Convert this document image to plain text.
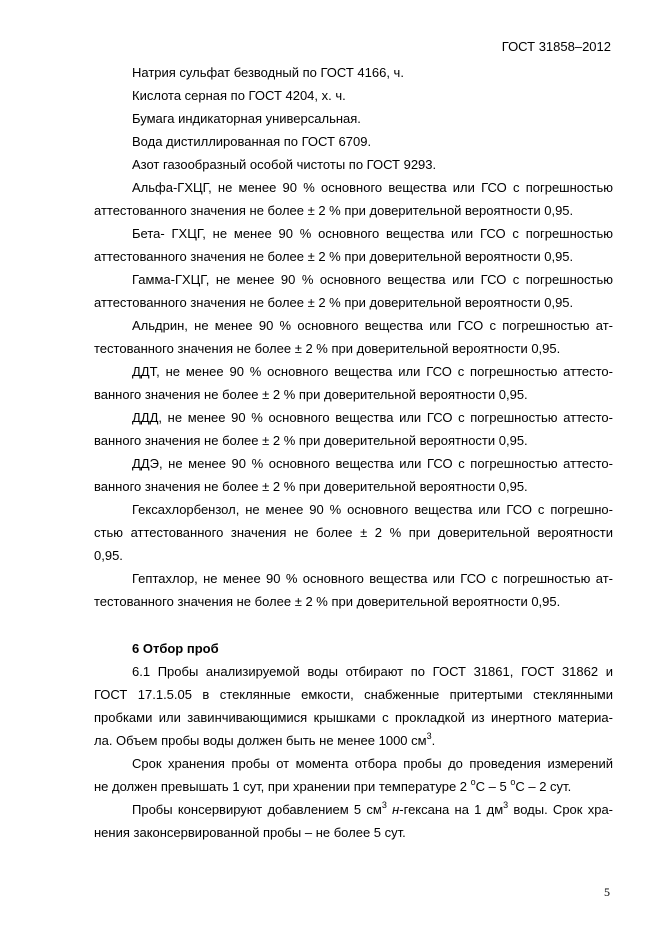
ГОСТ 31858–2012

Натрия сульфат безводный по ГОСТ 4166, ч.

Кислота серная по ГОСТ 4204, х. ч.

Бумага индикаторная универсальная.

Вода дистиллированная по ГОСТ 6709.

Азот газообразный особой чистоты по ГОСТ 9293.

Альфа-ГХЦГ, не менее 90 % основного вещества или ГСО с погрешностью

аттестованного значения не более ± 2 % при доверительной вероятности 0,95.

Бета- ГХЦГ, не менее 90 % основного вещества или ГСО с погрешностью

аттестованного значения не более ± 2 % при доверительной вероятности 0,95.

Гамма-ГХЦГ, не менее 90 % основного вещества или ГСО с погрешностью

аттестованного значения не более ± 2 % при доверительной вероятности 0,95.

Альдрин, не менее 90 % основного вещества или ГСО с погрешностью ат-

тестованного значения не более ± 2 % при доверительной вероятности 0,95.

ДДТ, не менее 90 % основного вещества или ГСО с погрешностью аттесто-

ванного значения не более ± 2 % при доверительной вероятности 0,95.

ДДД, не менее 90 % основного вещества или ГСО с погрешностью аттесто-

ванного значения не более ± 2 % при доверительной вероятности 0,95.

ДДЭ, не менее 90 % основного вещества или ГСО с погрешностью аттесто-

ванного значения не более ± 2 % при доверительной вероятности 0,95.

Гексахлорбензол, не менее 90 % основного вещества или ГСО с погрешно-

стью аттестованного значения не более ± 2 % при доверительной вероятности

0,95.

Гептахлор, не менее 90 % основного вещества или ГСО с погрешностью ат-

тестованного значения не более ± 2 % при доверительной вероятности 0,95.

6 Отбор проб

6.1 Пробы анализируемой воды отбирают по ГОСТ 31861, ГОСТ 31862 и

ГОСТ 17.1.5.05 в стеклянные емкости, снабженные притертыми стеклянными

пробками или завинчивающимися крышками с прокладкой из инертного материа-

ла. Объем пробы воды должен быть не менее 1000 $см^3$.

Срок хранения пробы от момента отбора пробы до проведения измерений

не должен превышать 1 сут, при хранении при температуре 2 $^о$С – 5 $^о$С – 2 сут.

Пробы консервируют добавлением 5 $см^3$ н-гексана на 1 $дм^3$ воды. Срок хра-

нения законсервированной пробы – не более 5 сут.

5
